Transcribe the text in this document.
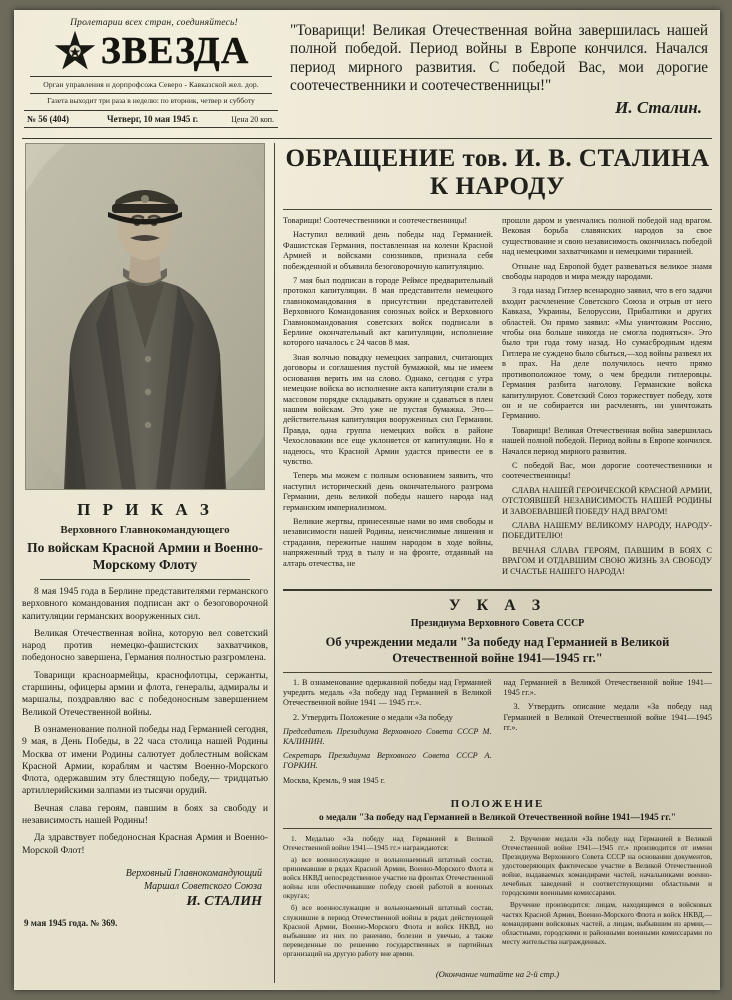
Пролетарии всех стран, соединяйтесь!
ЗВЕЗДА
Орган управления и дорпрофсожа Северо - Кавказской жел. дор.
Газета выходит три раза в неделю: по вторник, четвер и субботу
№ 56 (404)	Четверг, 10 мая 1945 г.	Цена 20 коп.
"Товарищи! Великая Отечественная война завершилась нашей полной победой. Период войны в Европе кончился. Начался период мирного развития. С победой Вас, мои дорогие соотечественники и соотечественницы!"
И. Сталин.
П Р И К А З
Верховного Главнокомандующего
По войскам Красной Армии и Военно-Морскому Флоту

8 мая 1945 года в Берлине представителями германского верховного командования подписан акт о безоговорочной капитуляции германских вооруженных сил.

Великая Отечественная война, которую вел советский народ против немецко-фашистских захватчиков, победоносно завершена, Германия полностью разгромлена.

Товарищи красноармейцы, краснофлотцы, сержанты, старшины, офицеры армии и флота, генералы, адмиралы и маршалы, поздравляю вас с победоносным завершением Великой Отечественной войны.

В ознаменование полной победы над Германией сегодня, 9 мая, в День Победы, в 22 часа столица нашей Родины Москва от имени Родины салютует доблестным войскам Красной Армии, кораблям и частям Военно-Морского Флота, одержавшим эту блестящую победу,— тридцатью артиллерийскими залпами из тысячи орудий.

Вечная слава героям, павшим в боях за свободу и независимость нашей Родины!

Да здравствует победоносная Красная Армия и Военно-Морской Флот!

Верховный Главнокомандующий
Маршал Советского Союза
И. СТАЛИН
9 мая 1945 года. № 369.
ОБРАЩЕНИЕ тов. И. В. СТАЛИНА
К НАРОДУ

Товарищи! Соотечественники и соотечественницы!

Наступил великий день победы над Германией. Фашистская Германия, поставленная на колени Красной Армией и войсками союзников, признала себя побежденной и объявила безоговорочную капитуляцию.

7 мая был подписан в городе Реймсе предварительный протокол капитуляции. 8 мая представители немецкого главнокомандования в присутствии представителей Верховного Командования союзных войск и Верховного Главнокомандования советских войск подписали в Берлине окончательный акт капитуляции, исполнение которого началось с 24 часов 8 мая.

Зная волчью повадку немецких заправил, считающих договоры и соглашения пустой бумажкой, мы не имеем основания верить им на слово. Однако, сегодня с утра немецкие войска во исполнение акта капитуляции стали в массовом порядке складывать оружие и сдаваться в плен нашим войскам. Это уже не пустая бумажка. Это—действительная капитуляция вооруженных сил Германии. Правда, одна группа немецких войск в районе Чехословакии все еще уклоняется от капитуляции. Но я надеюсь, что Красной Армии удастся привести ее в чувство.

Теперь мы можем с полным основанием заявить, что наступил исторический день окончательного разгрома Германии, день великой победы нашего народа над германским империализмом.

Великие жертвы, принесенные нами во имя свободы и независимости нашей Родины, неисчислимые лишения и страдания, пережитые нашим народом в ходе войны, напряженный труд в тылу и на фронте, отданный на алтарь отечества, не

прошли даром и увенчались полной победой над врагом. Вековая борьба славянских народов за свое существование и свою независимость окончилась победой над немецкими захватчиками и немецкими тиранией.

Отныне над Европой будет развеваться великое знамя свободы народов и мира между народами.

3 года назад Гитлер всенародно заявил, что в его задачи входит расчленение Советского Союза и отрыв от него Кавказа, Украины, Белоруссии, Прибалтики и других областей. Он прямо заявил: «Мы уничтожим Россию, чтобы она больше никогда не смогла подняться». Это было три года тому назад. Но сумасбродным идеям Гитлера не суждено было сбыться,—ход войны развеял их в прах. На деле получилось нечто прямо противоположное тому, о чем бредили гитлеровцы. Германия разбита наголову. Германские войска капитулируют. Советский Союз торжествует победу, хотя он и не собирается ни расчленять, ни уничтожать Германию.

Товарищи! Великая Отечественная война завершилась нашей полной победой. Период войны в Европе кончился. Начался период мирного развития.

С победой Вас, мои дорогие соотечественники и соотечественницы!

СЛАВА НАШЕЙ ГЕРОИЧЕСКОЙ КРАСНОЙ АРМИИ, ОТСТОЯВШЕЙ НЕЗАВИСИМОСТЬ НАШЕЙ РОДИНЫ И ЗАВОЕВАВШЕЙ ПОБЕДУ НАД ВРАГОМ!

СЛАВА НАШЕМУ ВЕЛИКОМУ НАРОДУ, НАРОДУ-ПОБЕДИТЕЛЮ!

ВЕЧНАЯ СЛАВА ГЕРОЯМ, ПАВШИМ В БОЯХ С ВРАГОМ И ОТДАВШИМ СВОЮ ЖИЗНЬ ЗА СВОБОДУ И СЧАСТЬЕ НАШЕГО НАРОДА!

У К А З
Президиума Верховного Совета СССР
Об учреждении медали "За победу над Германией в Великой Отечественной войне 1941—1945 гг."

1. В ознаменование одержанной победы над Германией учредить медаль «За победу над Германией в Великой Отечественной войне 1941 — 1945 гг.».

2. Утвердить Положение о медали «За победу

Председатель Президиума Верховного Совета СССР М. КАЛИНИН.

Секретарь Президиума Верховного Совета СССР А. ГОРКИН.

Москва, Кремль, 9 мая 1945 г.

над Германией в Великой Отечественной войне 1941—1945 гг.».

3. Утвердить описание медали «За победу над Германией в Великой Отечественной войне 1941—1945 гг.».

ПОЛОЖЕНИЕ
о медали "За победу над Германией в Великой Отечественной войне 1941—1945 гг."

1. Медалью «За победу над Германией в Великой Отечественной войне 1941—1945 гг.» награждаются:

а) все военнослужащие и вольнонаемный штатный состав, принимавшие в рядах Красной Армии, Военно-Морского Флота и войск НКВД непосредственное участие на фронтах Отечественной войны или обеспечивавшие победу своей работой в военных округах;

б) все военнослужащие и вольнонаемный штатный состав, служившие в период Отечественной войны в рядах действующей Красной Армии, Военно-Морского Флота и войск НКВД, но выбывшие из них по ранению, болезни и увечью, а также переведенные по решению государственных и партийных организаций на другую работу вне армии.

2. Вручение медали «За победу над Германией в Великой Отечественной войне 1941—1945 гг.» производится от имени Президиума Верховного Совета СССР на основании документов, удостоверяющих фактическое участие в Великой Отечественной войне, выдаваемых командирами частей, начальниками военно-лечебных заведений и соответствующими областными и городскими военными комиссарами.

Вручение производится: лицам, находящимся в войсковых частях Красной Армии, Военно-Морского Флота и войск НКВД,— командирами войсковых частей, а лицам, выбывшим из армии,— областными, городскими и районными военными комиссарами по месту жительства награжденных.

(Окончание читайте на 2-й стр.)
